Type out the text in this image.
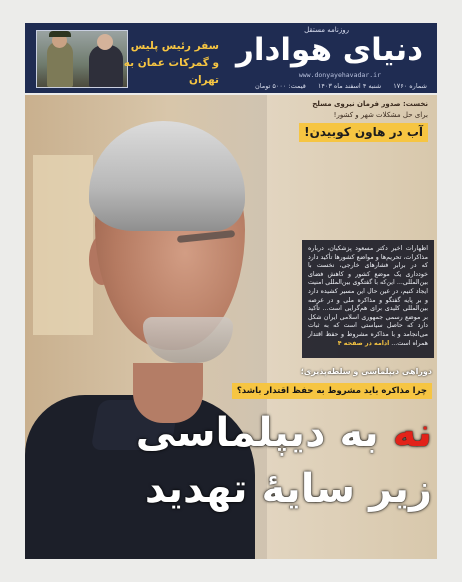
روزنامه مستقل
دنیای هوادار
www.donyayehavadar.ir
شماره ۱۷۶۰
شنبه ۴ اسفند ماه ۱۴۰۳
قیمت: ۵۰۰۰ تومان
سفر رئیس پلیس
و گمرکات عمان به تهران
نخست: صدور فرمان نیروی مسلح
برای حل مشکلات شهر و کشور!
آب در هاون کوبیدن!
اظهارات اخیر دکتر مسعود پزشکیان، درباره مذاکرات، تحریم‌ها و مواضع کشورها تأکید دارد که در برابر فشارهای خارجی، نخست با خودداری یک موضع کشور و کاهش فضای بین‌المللی... این‌که با گفتگوی بین‌المللی امنیت ایجاد کنیم، در عین حال این مسیر کشیده دارد و بر پایه گفتگو و مذاکره ملی و در عرصه بین‌المللی کلیدی برای هم‌گرایی است... تأکید بر موضع رسمی جمهوری اسلامی ایران شکل دارد که حاصل سیاستی است که به ثبات می‌انجامد و با مذاکره مشروط و حفظ اقتدار همراه است... ادامه در صفحه ۴
دوراهی دیپلماسی و سلطه‌پذیری؛
چرا مذاکره باید مشروط به حفظ اقتدار باشد؟
نه به دیپلماسی
زیر سایهٔ تهدید
